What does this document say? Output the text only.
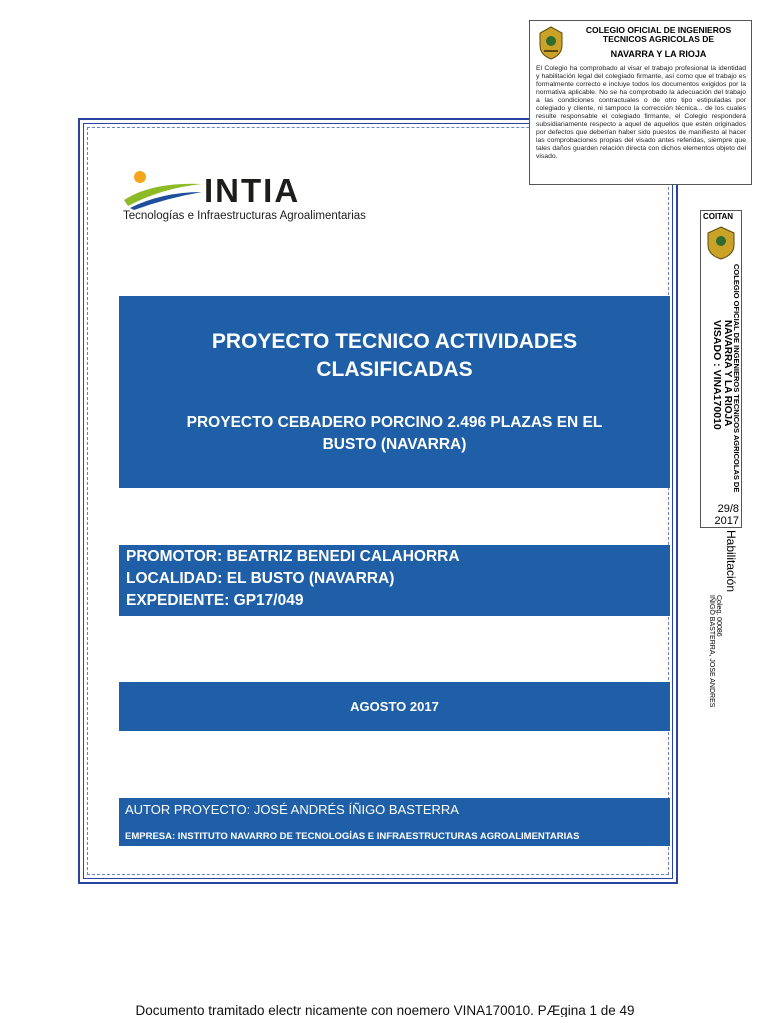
COLEGIO OFICIAL DE INGENIEROS
TECNICOS AGRICOLAS DE
NAVARRA Y LA RIOJA
El Colegio ha comprobado al visar el trabajo profesional la identidad y habilitación legal del colegiado firmante, así como que el trabajo es formalmente correcto e incluye todos los documentos exigidos por la normativa aplicable. No se ha comprobado la adecuación del trabajo a las condiciones contractuales o de otro tipo estipuladas por colegiado y cliente, ni tampoco la corrección técnica... de los cuales resulte responsable el colegiado firmante, el Colegio responderá subsidiariamente respecto a aquel de aquellos que estén originados por defectos que deberían haber sido puestos de manifiesto al hacer las comprobaciones propias del visado antes referidas, siempre que tales daños guarden relación directa con dichos elementos objeto del visado.
COITAN
COLEGIO OFICIAL DE INGENIEROS TECNICOS AGRICOLAS DE
NAVARRA Y LA RIOJA
VISADO : VINA170010
29/8
2017
Habilitación
Coleg. 00086
IÑIGO BASTERRA, JOSE ANDRES
INTIA
Tecnologías e Infraestructuras Agroalimentarias
PROYECTO TECNICO ACTIVIDADES CLASIFICADAS
PROYECTO CEBADERO PORCINO 2.496 PLAZAS EN EL BUSTO (NAVARRA)
PROMOTOR: BEATRIZ BENEDI CALAHORRA
LOCALIDAD: EL BUSTO (NAVARRA)
EXPEDIENTE: GP17/049
AGOSTO 2017
AUTOR PROYECTO: JOSÉ ANDRÉS ÍÑIGO BASTERRA
EMPRESA: INSTITUTO NAVARRO DE TECNOLOGÍAS E INFRAESTRUCTURAS AGROALIMENTARIAS
Documento tramitado electr nicamente con noemero VINA170010. PÆgina 1 de 49
